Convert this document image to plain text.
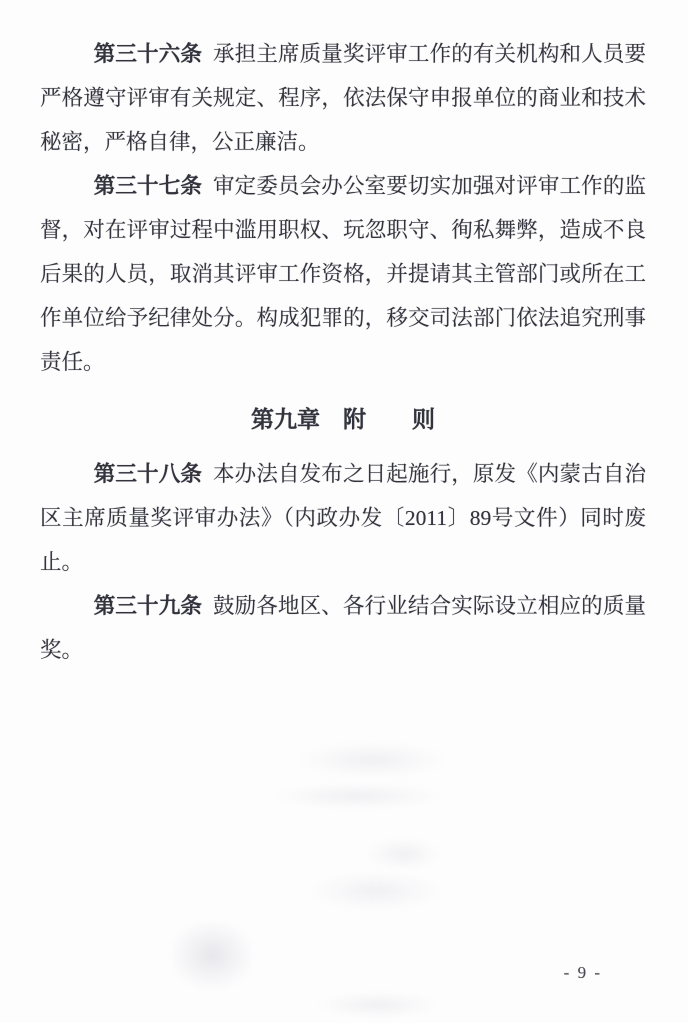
第三十六条 承担主席质量奖评审工作的有关机构和人员要严格遵守评审有关规定、程序，依法保守申报单位的商业和技术秘密，严格自律，公正廉洁。

第三十七条 审定委员会办公室要切实加强对评审工作的监督，对在评审过程中滥用职权、玩忽职守、徇私舞弊，造成不良后果的人员，取消其评审工作资格，并提请其主管部门或所在工作单位给予纪律处分。构成犯罪的，移交司法部门依法追究刑事责任。

第九章　附　　则

第三十八条 本办法自发布之日起施行，原发《内蒙古自治区主席质量奖评审办法》（内政办发〔2011〕89号文件）同时废止。

第三十九条 鼓励各地区、各行业结合实际设立相应的质量奖。

- 9 -
